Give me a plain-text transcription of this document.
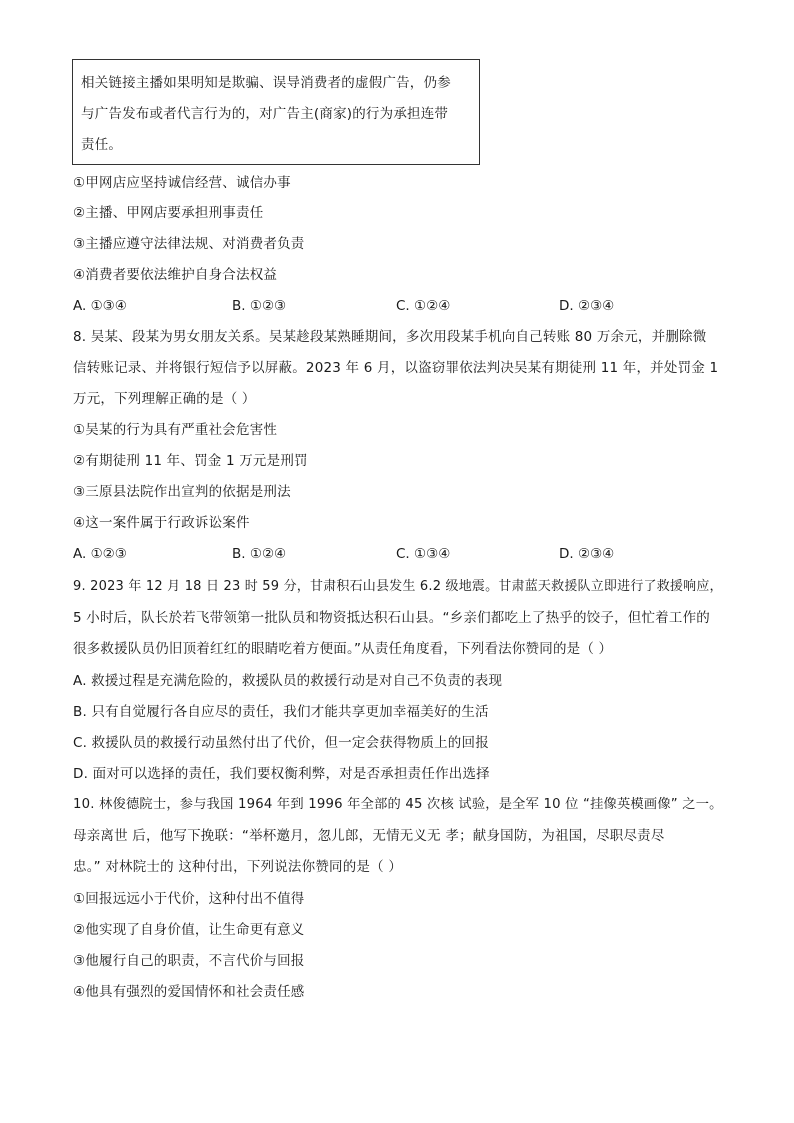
相关链接主播如果明知是欺骗、误导消费者的虚假广告，仍参
与广告发布或者代言行为的，对广告主(商家)的行为承担连带
责任。
①甲网店应坚持诚信经营、诚信办事
②主播、甲网店要承担刑事责任
③主播应遵守法律法规、对消费者负责
④消费者要依法维护自身合法权益
A. ①③④	B. ①②③	C. ①②④	D. ②③④
8. 吴某、段某为男女朋友关系。吴某趁段某熟睡期间，多次用段某手机向自己转账 80 万余元，并删除微
信转账记录、并将银行短信予以屏蔽。2023 年 6 月，以盗窃罪依法判决吴某有期徒刑 11 年，并处罚金 1
万元，下列理解正确的是（ ）
①吴某的行为具有严重社会危害性
②有期徒刑 11 年、罚金 1 万元是刑罚
③三原县法院作出宣判的依据是刑法
④这一案件属于行政诉讼案件
A. ①②③	B. ①②④	C. ①③④	D. ②③④
9. 2023 年 12 月 18 日 23 时 59 分，甘肃积石山县发生 6.2 级地震。甘肃蓝天救援队立即进行了救援响应，
5 小时后，队长於若飞带领第一批队员和物资抵达积石山县。“乡亲们都吃上了热乎的饺子，但忙着工作的
很多救援队员仍旧顶着红红的眼睛吃着方便面。”从责任角度看，下列看法你赞同的是（ ）
A. 救援过程是充满危险的，救援队员的救援行动是对自己不负责的表现
B. 只有自觉履行各自应尽的责任，我们才能共享更加幸福美好的生活
C. 救援队员的救援行动虽然付出了代价，但一定会获得物质上的回报
D. 面对可以选择的责任，我们要权衡利弊，对是否承担责任作出选择
10. 林俊德院士，参与我国 1964 年到 1996 年全部的 45 次核 试验，是全军 10 位 “挂像英模画像” 之一。
母亲离世 后，他写下挽联：“举杯邀月，忽儿郎，无情无义无 孝；献身国防，为祖国，尽职尽责尽
忠。” 对林院士的 这种付出，下列说法你赞同的是（ ）
①回报远远小于代价，这种付出不值得
②他实现了自身价值，让生命更有意义
③他履行自己的职责，不言代价与回报
④他具有强烈的爱国情怀和社会责任感
